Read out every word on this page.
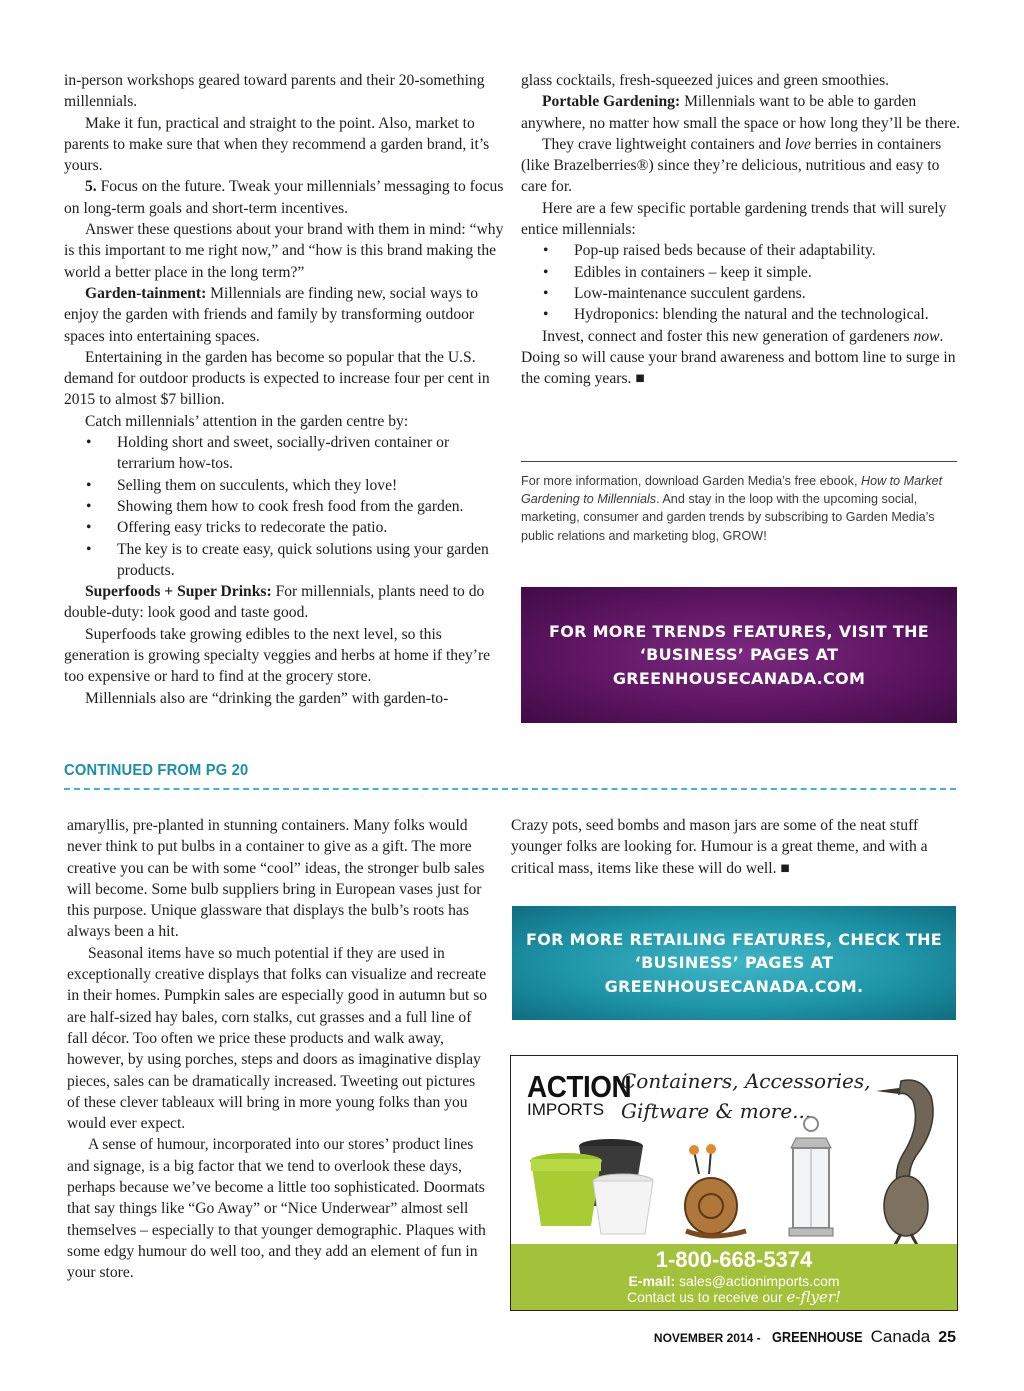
in-person workshops geared toward parents and their 20-something millennials.

Make it fun, practical and straight to the point. Also, market to parents to make sure that when they recommend a garden brand, it’s yours.

5. Focus on the future. Tweak your millennials’ messaging to focus on long-term goals and short-term incentives.

Answer these questions about your brand with them in mind: “why is this important to me right now,” and “how is this brand making the world a better place in the long term?”

Garden-tainment: Millennials are finding new, social ways to enjoy the garden with friends and family by transforming outdoor spaces into entertaining spaces.

Entertaining in the garden has become so popular that the U.S. demand for outdoor products is expected to increase four per cent in 2015 to almost $7 billion.

Catch millennials’ attention in the garden centre by:

• Holding short and sweet, socially-driven container or terrarium how-tos.
• Selling them on succulents, which they love!
• Showing them how to cook fresh food from the garden.
• Offering easy tricks to redecorate the patio.
• The key is to create easy, quick solutions using your garden products.

Superfoods + Super Drinks: For millennials, plants need to do double-duty: look good and taste good.

Superfoods take growing edibles to the next level, so this generation is growing specialty veggies and herbs at home if they’re too expensive or hard to find at the grocery store.

Millennials also are “drinking the garden” with garden-to-

glass cocktails, fresh-squeezed juices and green smoothies.

Portable Gardening: Millennials want to be able to garden anywhere, no matter how small the space or how long they’ll be there.

They crave lightweight containers and love berries in containers (like Brazelberries®) since they’re delicious, nutritious and easy to care for.

Here are a few specific portable gardening trends that will surely entice millennials:

• Pop-up raised beds because of their adaptability.
• Edibles in containers – keep it simple.
• Low-maintenance succulent gardens.
• Hydroponics: blending the natural and the technological.

Invest, connect and foster this new generation of gardeners now. Doing so will cause your brand awareness and bottom line to surge in the coming years. ■

For more information, download Garden Media’s free ebook, How to Market Gardening to Millennials. And stay in the loop with the upcoming social, marketing, consumer and garden trends by subscribing to Garden Media’s public relations and marketing blog, GROW!
FOR MORE TRENDS FEATURES, VISIT THE
‘BUSINESS’ PAGES AT
GREENHOUSECANADA.COM
CONTINUED FROM PG 20

amaryllis, pre-planted in stunning containers. Many folks would never think to put bulbs in a container to give as a gift. The more creative you can be with some “cool” ideas, the stronger bulb sales will become. Some bulb suppliers bring in European vases just for this purpose. Unique glassware that displays the bulb’s roots has always been a hit.

Seasonal items have so much potential if they are used in exceptionally creative displays that folks can visualize and recreate in their homes. Pumpkin sales are especially good in autumn but so are half-sized hay bales, corn stalks, cut grasses and a full line of fall décor. Too often we price these products and walk away, however, by using porches, steps and doors as imaginative display pieces, sales can be dramatically increased. Tweeting out pictures of these clever tableaux will bring in more young folks than you would ever expect.

A sense of humour, incorporated into our stores’ product lines and signage, is a big factor that we tend to overlook these days, perhaps because we’ve become a little too sophisticated. Doormats that say things like “Go Away” or “Nice Underwear” almost sell themselves – especially to that younger demographic. Plaques with some edgy humour do well too, and they add an element of fun in your store.

Crazy pots, seed bombs and mason jars are some of the neat stuff younger folks are looking for. Humour is a great theme, and with a critical mass, items like these will do well. ■

FOR MORE RETAILING FEATURES, CHECK THE
‘BUSINESS’ PAGES AT
GREENHOUSECANADA.COM.
ACTION
IMPORTS
Containers, Accessories,
Giftware & more...
1-800-668-5374
E-mail: sales@actionimports.com
Contact us to receive our e-flyer!
NOVEMBER 2014 - GREENHOUSE Canada 25
